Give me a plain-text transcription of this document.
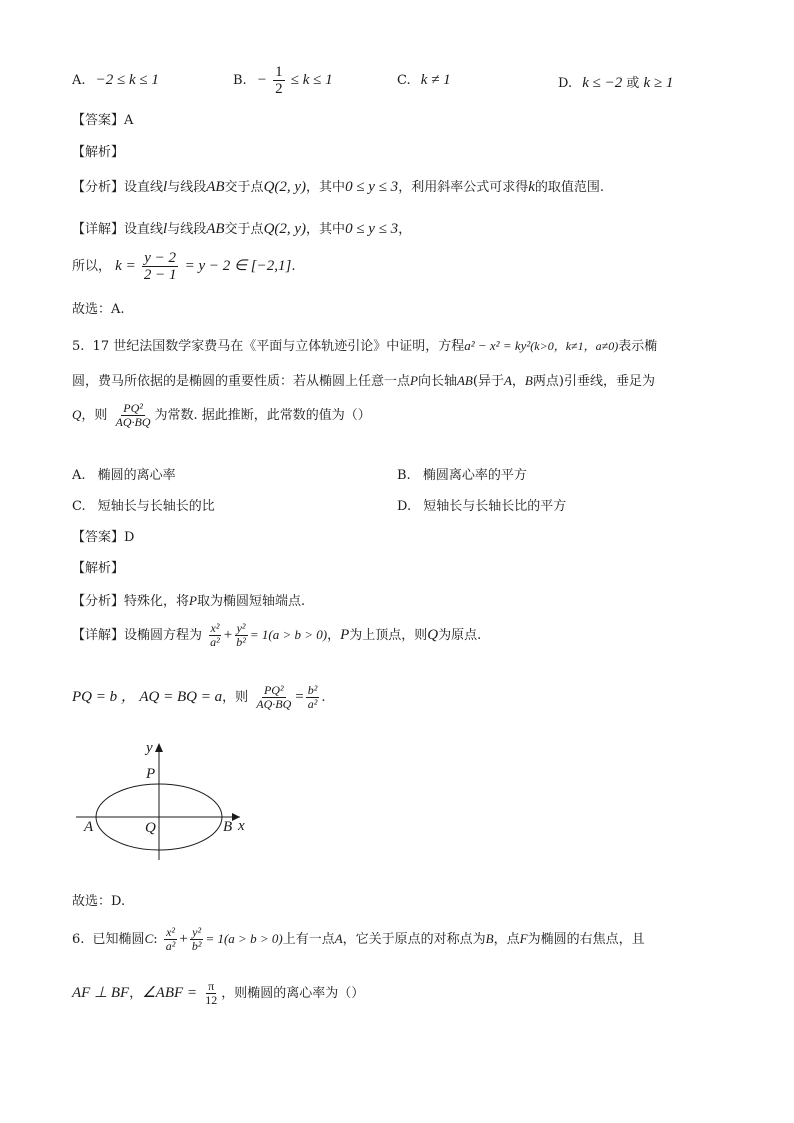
A. −2 ≤ k ≤ 1	B. − $\frac{1}{2} \le k \le 1$	C. k ≠ 1	D. k ≤ −2 或 k ≥ 1
【答案】A
【解析】
【分析】设直线l与线段AB交于点Q(2, y)，其中0 ≤ y ≤ 3，利用斜率公式可求得k的取值范围.
【详解】设直线l与线段AB交于点Q(2, y)，其中0 ≤ y ≤ 3，
所以， $k = \frac{y - 2}{2 - 1} = y - 2$ ∈ [−2,1].
故选：A.
5. 17 世纪法国数学家费马在《平面与立体轨迹引论》中证明，方程a² − x² = ky²(k>0，k≠1，a≠0)表示椭
圆，费马所依据的是椭圆的重要性质：若从椭圆上任意一点P向长轴AB(异于A，B两点)引垂线，垂足为
Q，则 $\frac{\text{PQ²}}{AQ\cdot BQ}$ 为常数. 据此推断，此常数的值为（）
A. 椭圆的离心率	B. 椭圆离心率的平方
C. 短轴长与长轴长的比	D. 短轴长与长轴长比的平方
【答案】D
【解析】
【分析】特殊化，将P取为椭圆短轴端点.
【详解】设椭圆方程为 $\frac{\text{x²}}{\text{a²}} + \frac{\text{y²}}{\text{b²}} = 1(a > b > 0)$，P为上顶点，则Q为原点.
PQ = b ， AQ = BQ = a，则 $\frac{\text{PQ²}}{AQ\cdot BQ} = \frac{\text{b²}}{\text{a²}}$ .
y
P
A	Q	B x
故选：D.
6. 已知椭圆C: $\frac{\text{x²}}{\text{a²}} + \frac{\text{y²}}{\text{b²}} = 1(a > b > 0)$上有一点A，它关于原点的对称点为B，点F为椭圆的右焦点，且
AF ⊥ BF，∠ABF = $\frac{\pi}{12}$ ，则椭圆的离心率为（）
